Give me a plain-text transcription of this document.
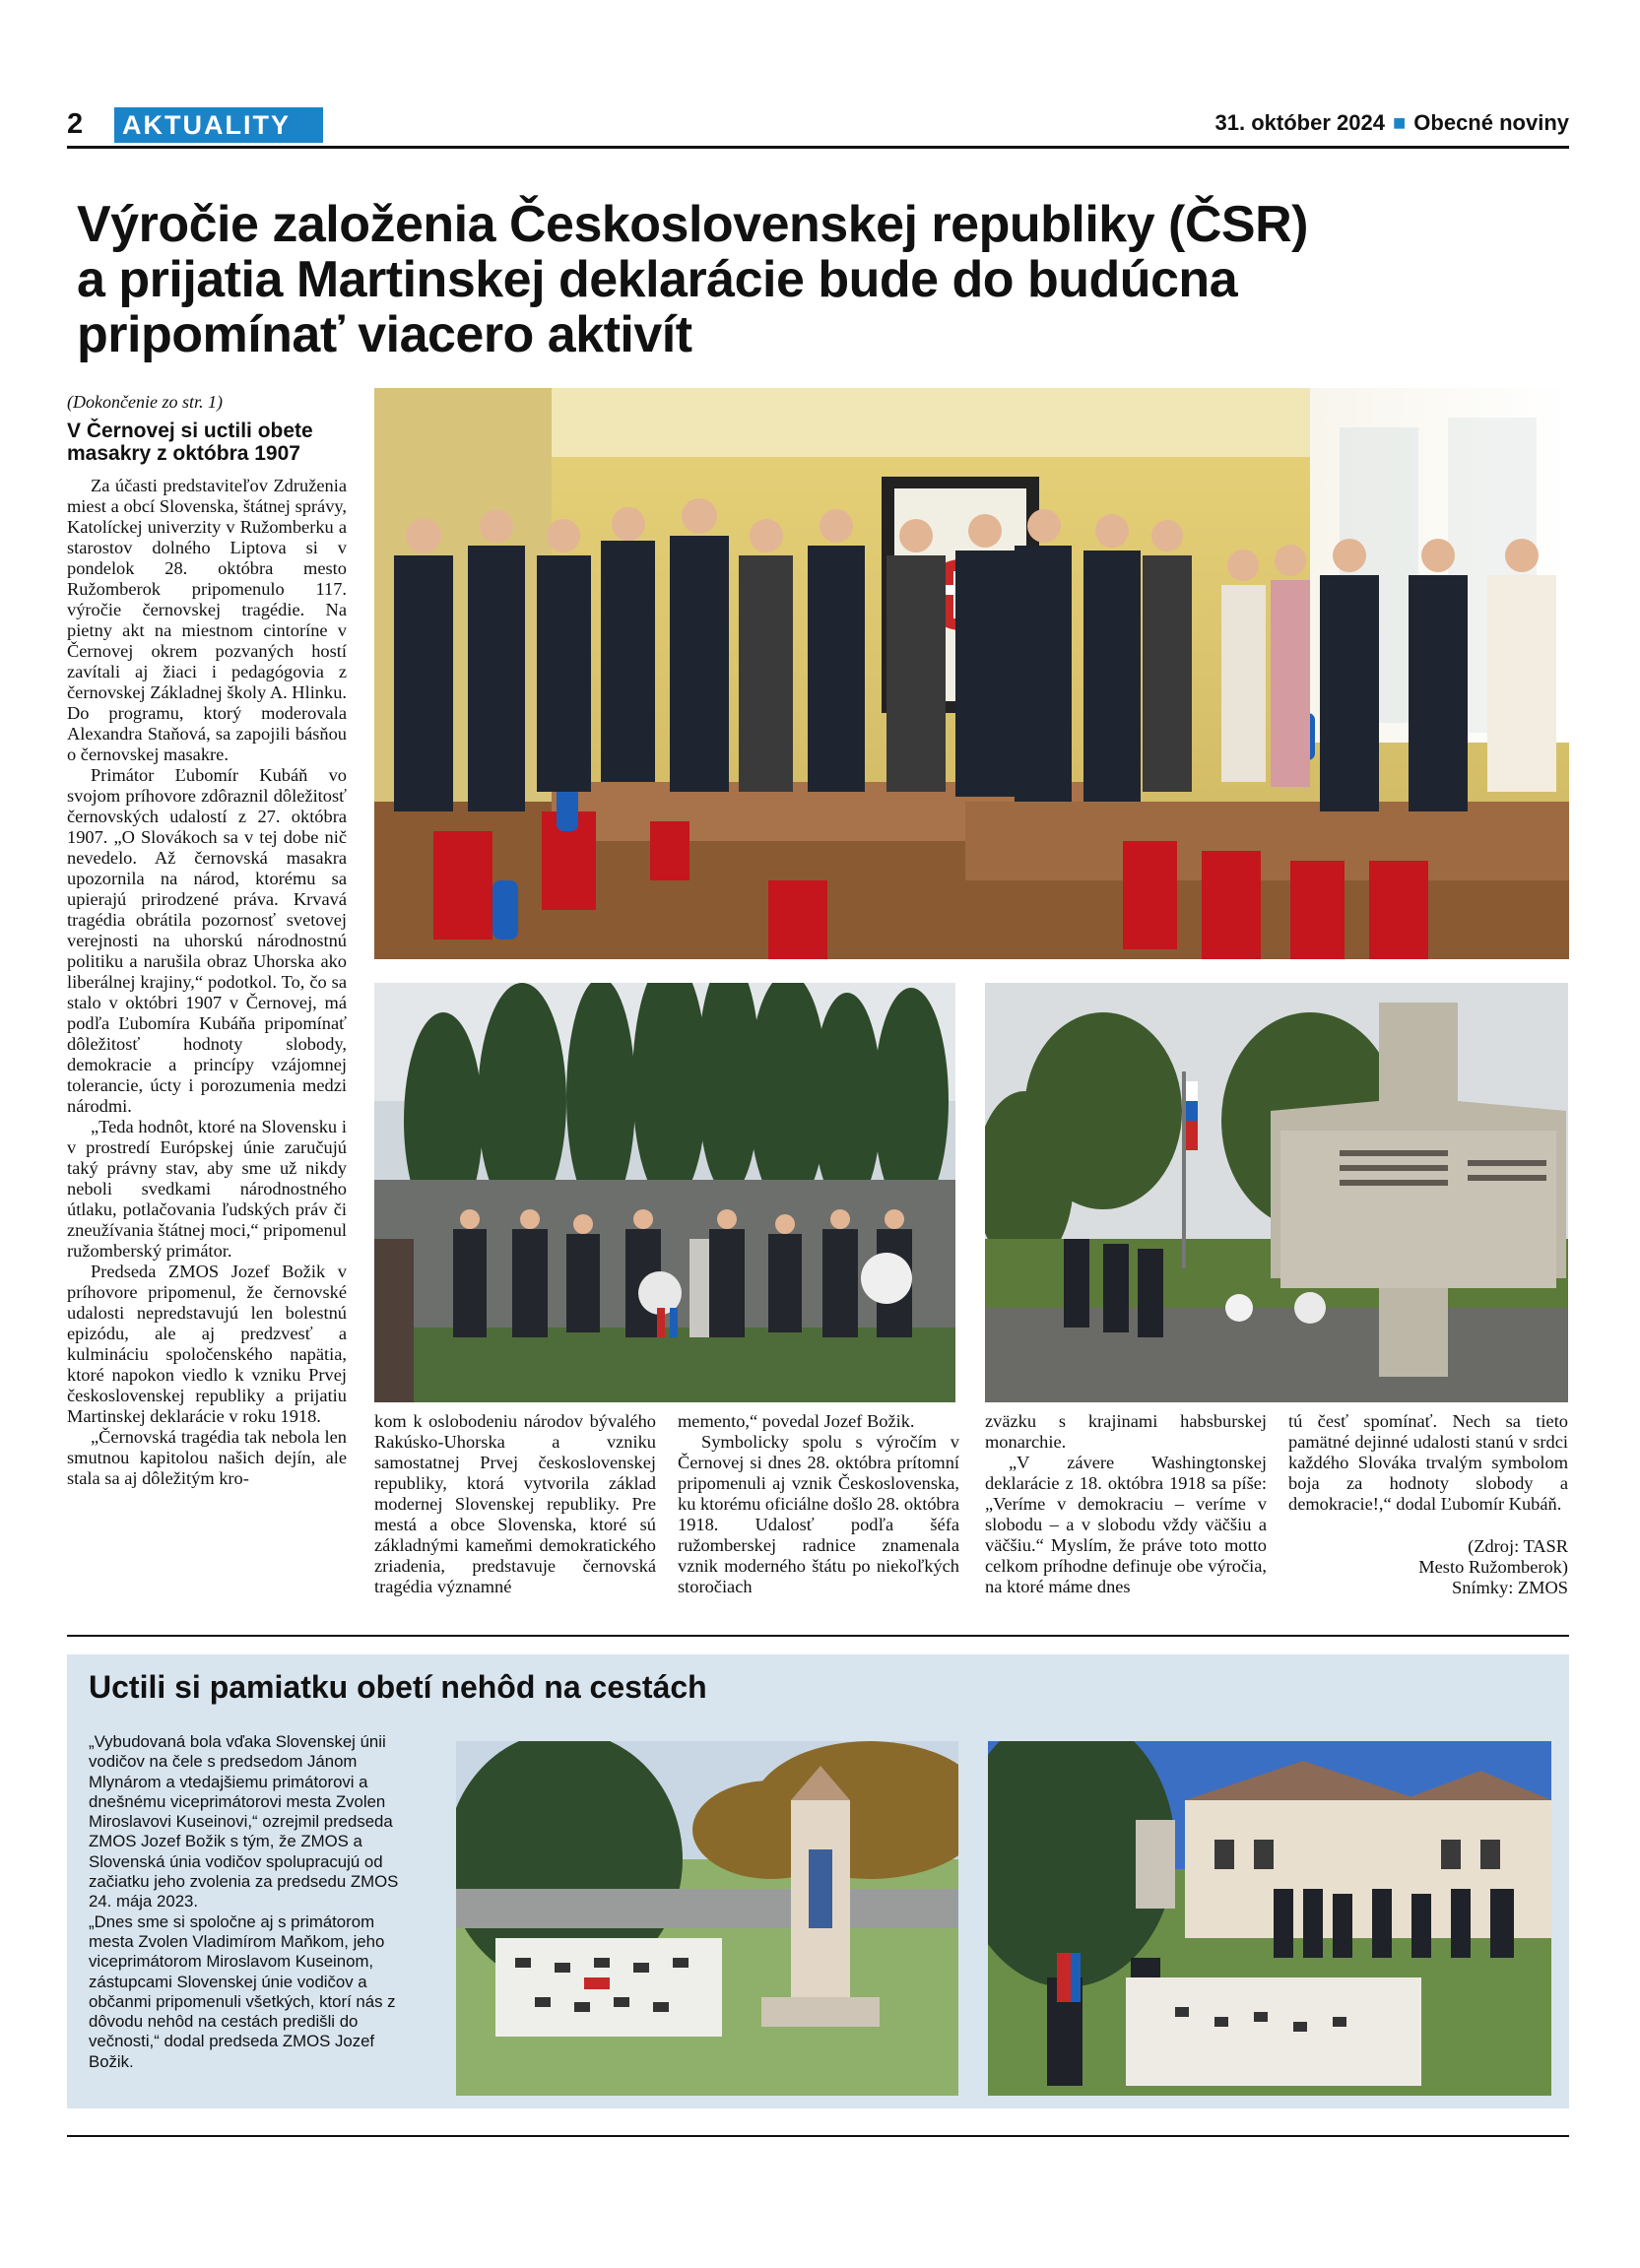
2 AKTUALITY	31. október 2024 ■ Obecné noviny
Výročie založenia Československej republiky (ČSR)
a prijatia Martinskej deklarácie bude do budúcna
pripomínať viacero aktivít
(Dokončenie zo str. 1)
V Černovej si uctili obete masakry z októbra 1907

Za účasti predstaviteľov Združenia miest a obcí Slovenska, štátnej správy, Katolíckej univerzity v Ružomberku a starostov dolného Liptova si v pondelok 28. októbra mesto Ružomberok pripomenulo 117. výročie černovskej tragédie. Na pietny akt na miestnom cintoríne v Černovej okrem pozvaných hostí zavítali aj žiaci i pedagógovia z černovskej Základnej školy A. Hlinku. Do programu, ktorý moderovala Alexandra Staňová, sa zapojili básňou o černovskej masakre.

Primátor Ľubomír Kubáň vo svojom príhovore zdôraznil dôležitosť černovských udalostí z 27. októbra 1907. „O Slovákoch sa v tej dobe nič nevedelo. Až černovská masakra upozornila na národ, ktorému sa upierajú prirodzené práva. Krvavá tragédia obrátila pozornosť svetovej verejnosti na uhorskú národnostnú politiku a narušila obraz Uhorska ako liberálnej krajiny,“ podotkol. To, čo sa stalo v októbri 1907 v Černovej, má podľa Ľubomíra Kubáňa pripomínať dôležitosť hodnoty slobody, demokracie a princípy vzájomnej tolerancie, úcty i porozumenia medzi národmi.

„Teda hodnôt, ktoré na Slovensku i v prostredí Európskej únie zaručujú taký právny stav, aby sme už nikdy neboli svedkami národnostného útlaku, potlačovania ľudských práv či zneužívania štátnej moci,“ pripomenul ružomberský primátor.

Predseda ZMOS Jozef Božik v príhovore pripomenul, že černovské udalosti nepredstavujú len bolestnú epizódu, ale aj predzvesť a kulmináciu spoločenského napätia, ktoré napokon viedlo k vzniku Prvej československej republiky a prijatiu Martinskej deklarácie v roku 1918.

„Černovská tragédia tak nebola len smutnou kapitolou našich dejín, ale stala sa aj dôležitým kro-

kom k oslobodeniu národov bývalého Rakúsko-Uhorska a vzniku samostatnej Prvej československej republiky, ktorá vytvorila základ modernej Slovenskej republiky. Pre mestá a obce Slovenska, ktoré sú základnými kameňmi demokratického zriadenia, predstavuje černovská tragédia významné

memento,“ povedal Jozef Božik.

Symbolicky spolu s výročím v Černovej si dnes 28. októbra prítomní pripomenuli aj vznik Československa, ku ktorému oficiálne došlo 28. októbra 1918. Udalosť podľa šéfa ružomberskej radnice znamenala vznik moderného štátu po niekoľkých storočiach

zväzku s krajinami habsburskej monarchie.

„V závere Washingtonskej deklarácie z 18. októbra 1918 sa píše: „Veríme v demokraciu – veríme v slobodu – a v slobodu vždy väčšiu a väčšiu.“ Myslím, že práve toto motto celkom príhodne definuje obe výročia, na ktoré máme dnes

tú česť spomínať. Nech sa tieto pamätné dejinné udalosti stanú v srdci každého Slováka trvalým symbolom boja za hodnoty slobody a demokracie!,“ dodal Ľubomír Kubáň.

(Zdroj: TASR
Mesto Ružomberok)
Snímky: ZMOS
Uctili si pamiatku obetí nehôd na cestách

„Vybudovaná bola vďaka Slovenskej únii vodičov na čele s predsedom Jánom Mlynárom a vtedajšiemu primátorovi a dnešnému viceprimátorovi mesta Zvolen Miroslavovi Kuseinovi,“ ozrejmil predseda ZMOS Jozef Božik s tým, že ZMOS a Slovenská únia vodičov spolupracujú od začiatku jeho zvolenia za predsedu ZMOS 24. mája 2023.

„Dnes sme si spoločne aj s primátorom mesta Zvolen Vladimírom Maňkom, jeho viceprimátorom Miroslavom Kuseinom, zástupcami Slovenskej únie vodičov a občanmi pripomenuli všetkých, ktorí nás z dôvodu nehôd na cestách predišli do večnosti,“ dodal predseda ZMOS Jozef Božik.
